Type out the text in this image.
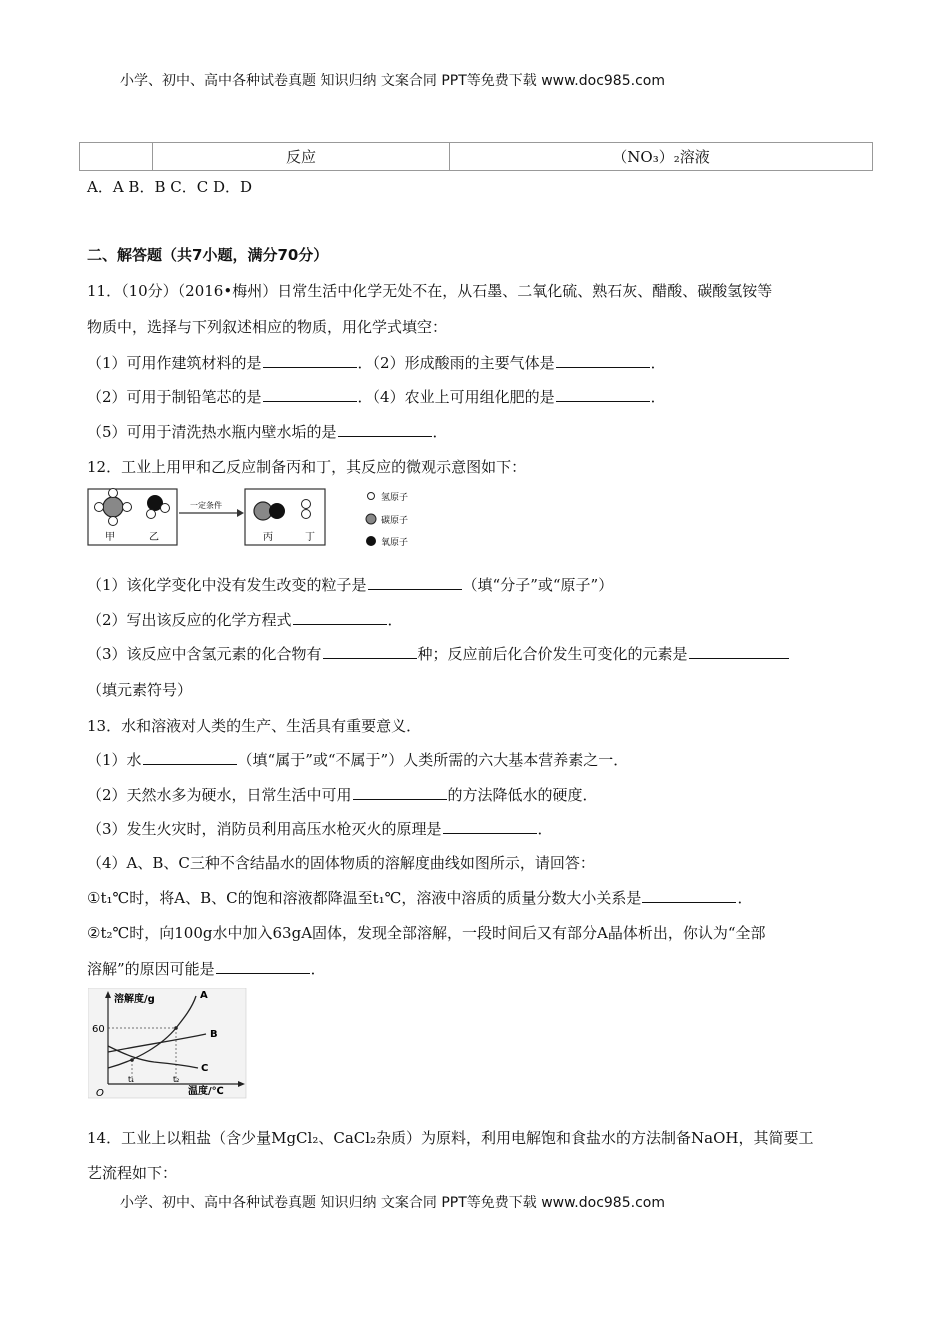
小学、初中、高中各种试卷真题 知识归纳 文案合同 PPT等免费下载 www.doc985.com
小学、初中、高中各种试卷真题 知识归纳 文案合同 PPT等免费下载 www.doc985.com
	反应	（NO₃）₂溶液
A．A B．B C．C D．D
二、解答题（共7小题，满分70分）
11．（10分）（2016•梅州）日常生活中化学无处不在，从石墨、二氧化硫、熟石灰、醋酸、碳酸氢铵等
物质中，选择与下列叙述相应的物质，用化学式填空：
（1）可用作建筑材料的是	．（2）形成酸雨的主要气体是	．
（2）可用于制铅笔芯的是	．（4）农业上可用组化肥的是	．
（5）可用于清洗热水瓶内壁水垢的是	．
12．工业上用甲和乙反应制备丙和丁，其反应的微观示意图如下：
甲	乙
一定条件
丙	丁
氢原子
碳原子
氧原子
（1）该化学变化中没有发生改变的粒子是	（填“分子”或“原子”）
（2）写出该反应的化学方程式	．
（3）该反应中含氢元素的化合物有	种；反应前后化合价发生可变化的元素是
（填元素符号）
13．水和溶液对人类的生产、生活具有重要意义．
（1）水	（填“属于”或“不属于”）人类所需的六大基本营养素之一．
（2）天然水多为硬水，日常生活中可用	的方法降低水的硬度．
（3）发生火灾时，消防员利用高压水枪灭火的原理是	．
（4）A、B、C三种不含结晶水的固体物质的溶解度曲线如图所示，请回答：
①t₁℃时，将A、B、C的饱和溶液都降温至t₁℃，溶液中溶质的质量分数大小关系是	．
②t₂℃时，向100g水中加入63gA固体，发现全部溶解，一段时间后又有部分A晶体析出，你认为“全部
溶解”的原因可能是	．
溶解度/g
温度/℃
O
60
t₁	t₂
A
B
C
14．工业上以粗盐（含少量MgCl₂、CaCl₂杂质）为原料，利用电解饱和食盐水的方法制备NaOH，其简要工
艺流程如下：
